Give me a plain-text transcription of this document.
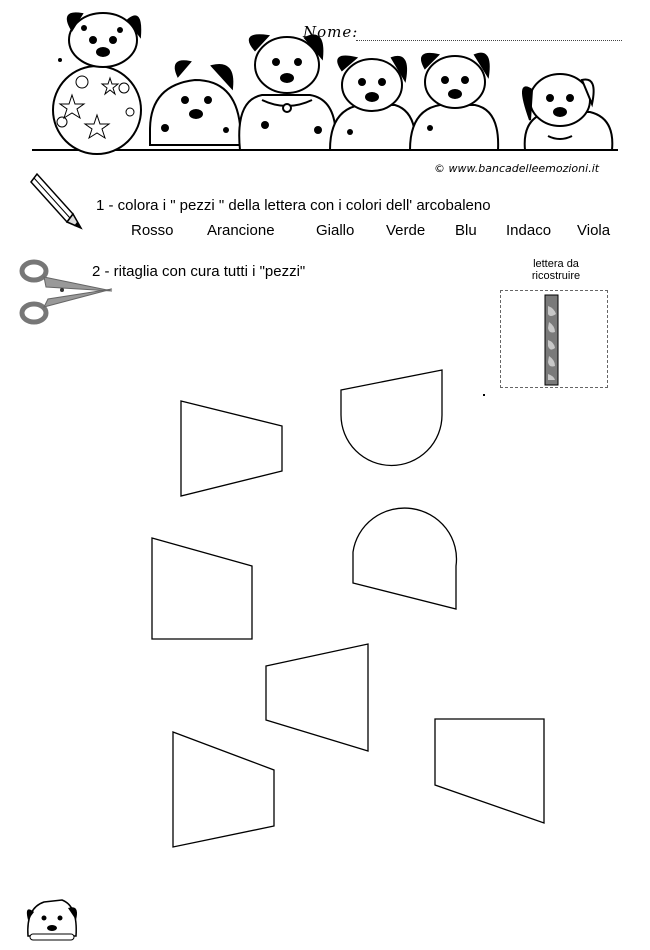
Nome:
© www.bancadelleemozioni.it
1 - colora i " pezzi " della lettera con i colori dell' arcobaleno
Rosso Arancione	Giallo Verde Blu Indaco Viola
2 - ritaglia con cura tutti i "pezzi"	lettera da
ricostruire
